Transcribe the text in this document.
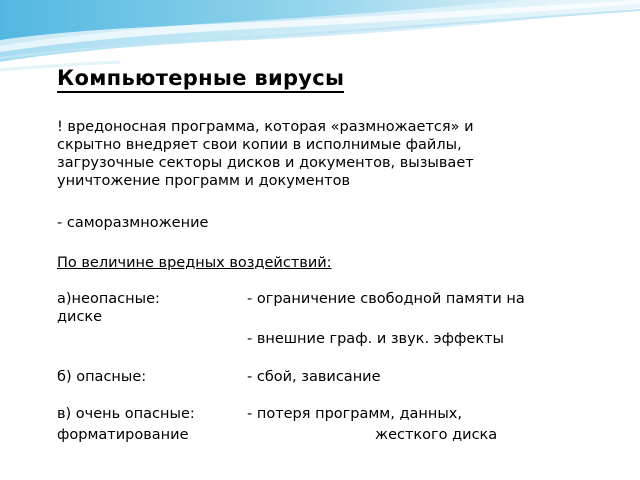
Компьютерные вирусы
! вредоносная программа, которая «размножается» и
скрытно внедряет свои копии в исполнимые файлы,
загрузочные секторы дисков и документов, вызывает
уничтожение программ и документов
- саморазмножение
По величине вредных воздействий:
а)неопасные:	- ограничение свободной памяти на
диске
- внешние граф. и звук. эффекты
б) опасные:	- сбой, зависание
в) очень опасные:	- потеря программ, данных,
форматирование	жесткого диска
